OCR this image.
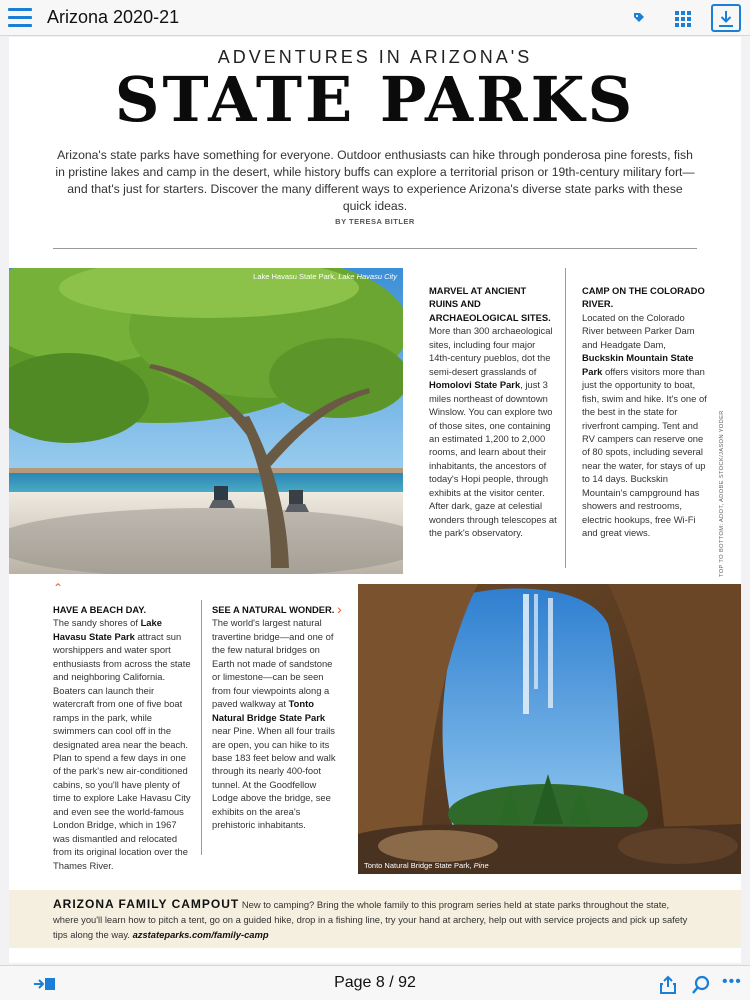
Arizona 2020-21
ADVENTURES IN ARIZONA'S
STATE PARKS
Arizona's state parks have something for everyone. Outdoor enthusiasts can hike through ponderosa pine forests, fish in pristine lakes and camp in the desert, while history buffs can explore a territorial prison or 19th-century military fort—and that's just for starters. Discover the many different ways to experience Arizona's diverse state parks with these quick ideas.
BY TERESA BITLER
Lake Havasu State Park, Lake Havasu City
MARVEL AT ANCIENT RUINS AND ARCHAEOLOGICAL SITES.
More than 300 archaeological sites, including four major 14th-century pueblos, dot the semi-desert grasslands of Homolovi State Park, just 3 miles northeast of downtown Winslow. You can explore two of those sites, one containing an estimated 1,200 to 2,000 rooms, and learn about their inhabitants, the ancestors of today's Hopi people, through exhibits at the visitor center. After dark, gaze at celestial wonders through telescopes at the park's observatory.
CAMP ON THE COLORADO RIVER.
Located on the Colorado River between Parker Dam and Headgate Dam, Buckskin Mountain State Park offers visitors more than just the opportunity to boat, fish, swim and hike. It's one of the best in the state for riverfront camping. Tent and RV campers can reserve one of 80 spots, including several near the water, for stays of up to 14 days. Buckskin Mountain's campground has showers and restrooms, electric hookups, free Wi-Fi and great views.	TOP TO BOTTOM: ADOT, ADOBE STOCK/JASON YODER
⌃
HAVE A BEACH DAY.
The sandy shores of Lake Havasu State Park attract sun worshippers and water sport enthusiasts from across the state and neighboring California. Boaters can launch their watercraft from one of five boat ramps in the park, while swimmers can cool off in the designated area near the beach. Plan to spend a few days in one of the park's new air-conditioned cabins, so you'll have plenty of time to explore Lake Havasu City and even see the world-famous London Bridge, which in 1967 was dismantled and relocated from its original location over the Thames River.
SEE A NATURAL WONDER.
The world's largest natural travertine bridge—and one of the few natural bridges on Earth not made of sandstone or limestone—can be seen from four viewpoints along a paved walkway at Tonto Natural Bridge State Park near Pine. When all four trails are open, you can hike to its base 183 feet below and walk through its nearly 400-foot tunnel. At the Goodfellow Lodge above the bridge, see exhibits on the area's prehistoric inhabitants.
›
Tonto Natural Bridge State Park, Pine
ARIZONA FAMILY CAMPOUT New to camping? Bring the whole family to this program series held at state parks throughout the state, where you'll learn how to pitch a tent, go on a guided hike, drop in a fishing line, try your hand at archery, help out with service projects and pick up safety tips along the way. azstateparks.com/family-camp
Page 8 / 92	•••
